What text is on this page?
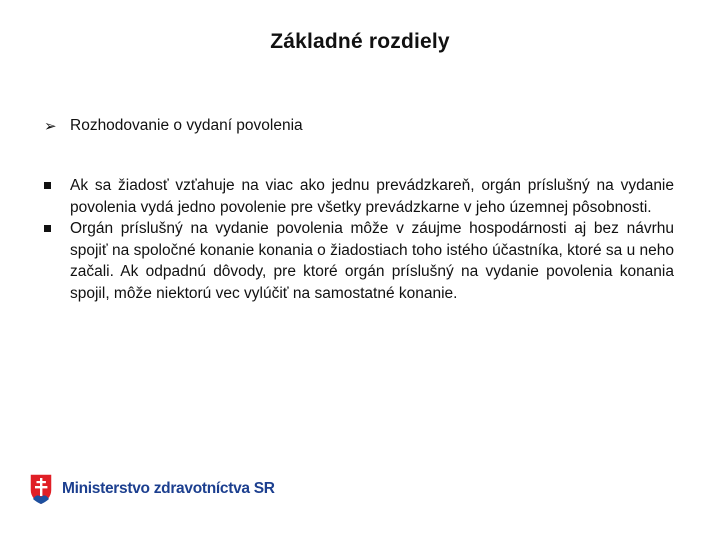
Základné rozdiely
➢ Rozhodovanie o vydaní povolenia
Ak sa žiadosť vzťahuje na viac ako jednu prevádzkareň, orgán príslušný na vydanie povolenia vydá jedno povolenie pre všetky prevádzkarne v jeho územnej pôsobnosti.
Orgán príslušný na vydanie povolenia môže v záujme hospodárnosti aj bez návrhu spojiť na spoločné konanie konania o žiadostiach toho istého účastníka, ktoré sa u neho začali. Ak odpadnú dôvody, pre ktoré orgán príslušný na vydanie povolenia konania spojil, môže niektorú vec vylúčiť na samostatné konanie.
Ministerstvo zdravotníctva SR
